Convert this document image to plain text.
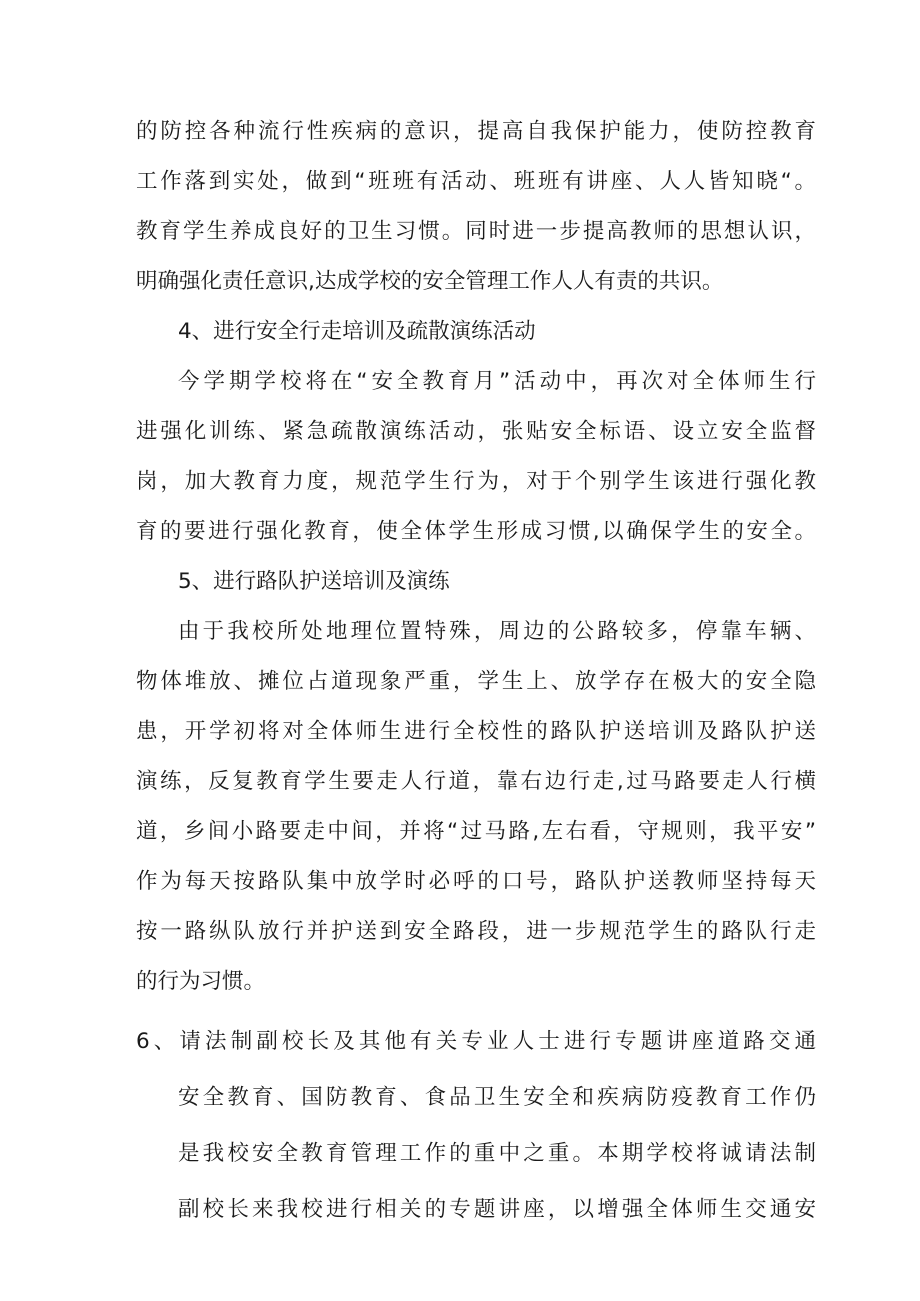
的防控各种流行性疾病的意识，提高自我保护能力，使防控教育
工作落到实处，做到“班班有活动、班班有讲座、人人皆知晓“。
教育学生养成良好的卫生习惯。同时进一步提高教师的思想认识，
明确强化责任意识,达成学校的安全管理工作人人有责的共识。
4、进行安全行走培训及疏散演练活动
今学期学校将在“安全教育月”活动中，再次对全体师生行
进强化训练、紧急疏散演练活动，张贴安全标语、设立安全监督
岗，加大教育力度，规范学生行为，对于个别学生该进行强化教
育的要进行强化教育，使全体学生形成习惯,以确保学生的安全。
5、进行路队护送培训及演练
由于我校所处地理位置特殊，周边的公路较多，停靠车辆、
物体堆放、摊位占道现象严重，学生上、放学存在极大的安全隐
患，开学初将对全体师生进行全校性的路队护送培训及路队护送
演练，反复教育学生要走人行道，靠右边行走,过马路要走人行横
道，乡间小路要走中间，并将“过马路,左右看，守规则，我平安”
作为每天按路队集中放学时必呼的口号，路队护送教师坚持每天
按一路纵队放行并护送到安全路段，进一步规范学生的路队行走
的行为习惯。
6、请法制副校长及其他有关专业人士进行专题讲座道路交通
安全教育、国防教育、食品卫生安全和疾病防疫教育工作仍
是我校安全教育管理工作的重中之重。本期学校将诚请法制
副校长来我校进行相关的专题讲座，以增强全体师生交通安
